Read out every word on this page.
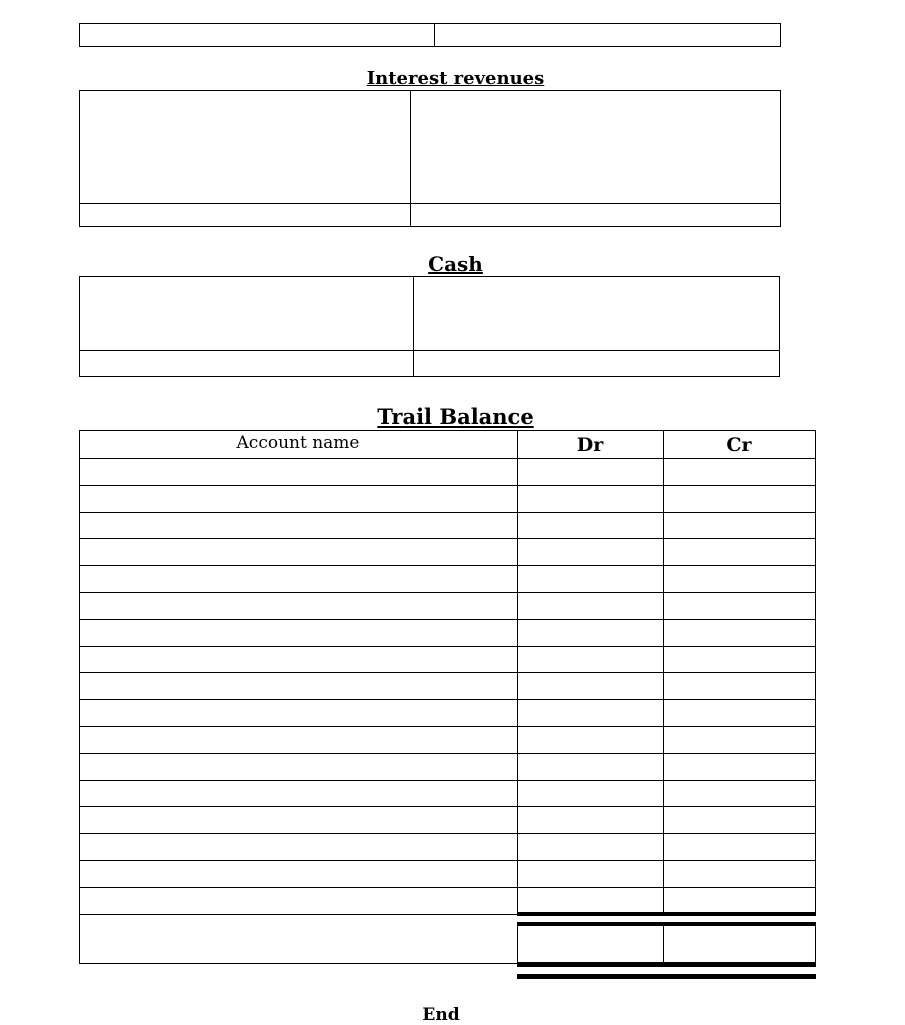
Interest revenues
Cash
Trail Balance
Account name	Dr	Cr
End
